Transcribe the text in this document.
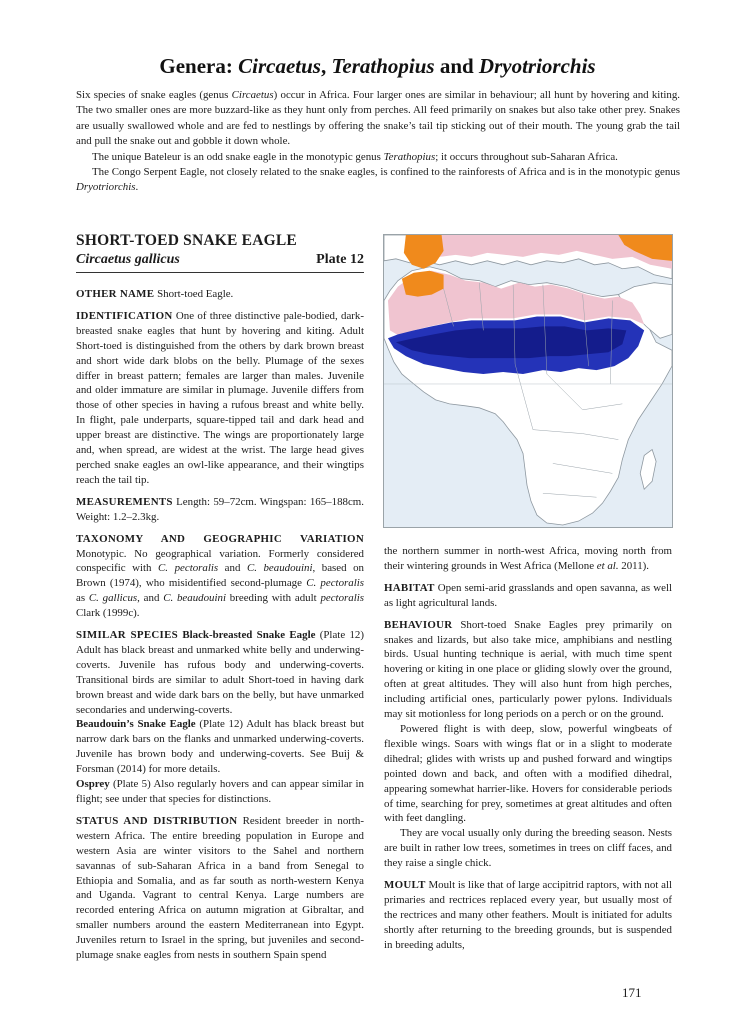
Genera: Circaetus, Terathopius and Dryotriorchis

Six species of snake eagles (genus Circaetus) occur in Africa. Four larger ones are similar in behaviour; all hunt by hovering and kiting. The two smaller ones are more buzzard-like as they hunt only from perches. All feed primarily on snakes but also take other prey. Snakes are usually swallowed whole and are fed to nestlings by offering the snake’s tail tip sticking out of their mouth. The young grab the tail and pull the snake out and gobble it down whole.

The unique Bateleur is an odd snake eagle in the monotypic genus Terathopius; it occurs throughout sub-Saharan Africa.

The Congo Serpent Eagle, not closely related to the snake eagles, is confined to the rainforests of Africa and is in the monotypic genus Dryotriorchis.

SHORT-TOED SNAKE EAGLE
Circaetus gallicus	Plate 12

OTHER NAME Short-toed Eagle.

IDENTIFICATION One of three distinctive pale-bodied, dark-breasted snake eagles that hunt by hovering and kiting. Adult Short-toed is distinguished from the others by dark brown breast and short wide dark blobs on the belly. Plumage of the sexes differ in breast pattern; females are larger than males. Juvenile and older immature are similar in plumage. Juvenile differs from those of other species in having a rufous breast and white belly. In flight, pale underparts, square-tipped tail and dark head and upper breast are distinctive. The wings are proportionately large and, when spread, are widest at the wrist. The large head gives perched snake eagles an owl-like appearance, and their wingtips reach the tail tip.

MEASUREMENTS Length: 59–72cm. Wingspan: 165–188cm. Weight: 1.2–2.3kg.

TAXONOMY AND GEOGRAPHIC VARIATION Monotypic. No geographical variation. Formerly considered conspecific with C. pectoralis and C. beaudouini, based on Brown (1974), who misidentified second-plumage C. pectoralis as C. gallicus, and C. beaudouini breeding with adult pectoralis Clark (1999c).

SIMILAR SPECIES Black-breasted Snake Eagle (Plate 12) Adult has black breast and unmarked white belly and underwing-coverts. Juvenile has rufous body and underwing-coverts. Transitional birds are similar to adult Short-toed in having dark brown breast and wide dark bars on the belly, but have unmarked secondaries and underwing-coverts.

Beaudouin’s Snake Eagle (Plate 12) Adult has black breast but narrow dark bars on the flanks and unmarked underwing-coverts. Juvenile has brown body and underwing-coverts. See Buij & Forsman (2014) for more details.

Osprey (Plate 5) Also regularly hovers and can appear similar in flight; see under that species for distinctions.

STATUS AND DISTRIBUTION Resident breeder in north-western Africa. The entire breeding population in Europe and western Asia are winter visitors to the Sahel and northern savannas of sub-Saharan Africa in a band from Senegal to Ethiopia and Somalia, and as far south as north-western Kenya and Uganda. Vagrant to central Kenya. Large numbers are recorded entering Africa on autumn migration at Gibraltar, and smaller numbers around the eastern Mediterranean into Egypt. Juveniles return to Israel in the spring, but juveniles and second-plumage snake eagles from nests in southern Spain spend

the northern summer in north-west Africa, moving north from their wintering grounds in West Africa (Mellone et al. 2011).

HABITAT Open semi-arid grasslands and open savanna, as well as light agricultural lands.

BEHAVIOUR Short-toed Snake Eagles prey primarily on snakes and lizards, but also take mice, amphibians and nestling birds. Usual hunting technique is aerial, with much time spent hovering or kiting in one place or gliding slowly over the ground, often at great altitudes. They will also hunt from high perches, including artificial ones, particularly power pylons. Individuals may sit motionless for long periods on a perch or on the ground.

Powered flight is with deep, slow, powerful wingbeats of flexible wings. Soars with wings flat or in a slight to moderate dihedral; glides with wrists up and pushed forward and wingtips pointed down and back, and often with a modified dihedral, appearing somewhat harrier-like. Hovers for considerable periods of time, searching for prey, sometimes at great altitudes and often with feet dangling.

They are vocal usually only during the breeding season. Nests are built in rather low trees, sometimes in trees on cliff faces, and they raise a single chick.

MOULT Moult is like that of large accipitrid raptors, with not all primaries and rectrices replaced every year, but usually most of the rectrices and many other feathers. Moult is initiated for adults shortly after returning to the breeding grounds, but is suspended in breeding adults,

171
